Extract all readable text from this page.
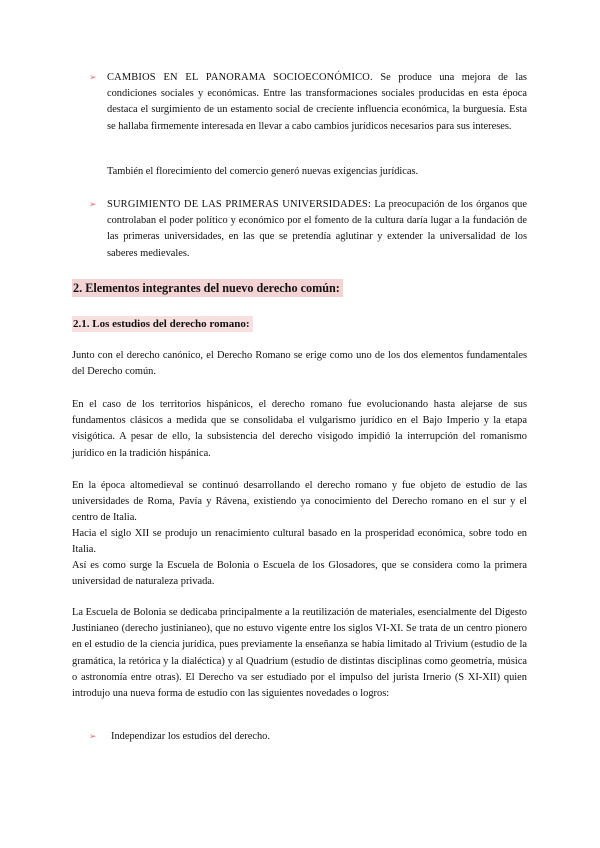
➢ CAMBIOS EN EL PANORAMA SOCIOECONÓMICO. Se produce una mejora de las condiciones sociales y económicas. Entre las transformaciones sociales producidas en esta época destaca el surgimiento de un estamento social de creciente influencia económica, la burguesía. Esta se hallaba firmemente interesada en llevar a cabo cambios jurídicos necesarios para sus intereses.

También el florecimiento del comercio generó nuevas exigencias jurídicas.

➢ SURGIMIENTO DE LAS PRIMERAS UNIVERSIDADES: La preocupación de los órganos que controlaban el poder político y económico por el fomento de la cultura daría lugar a la fundación de las primeras universidades, en las que se pretendía aglutinar y extender la universalidad de los saberes medievales.
2. Elementos integrantes del nuevo derecho común:
2.1. Los estudios del derecho romano:

Junto con el derecho canónico, el Derecho Romano se erige como uno de los dos elementos fundamentales del Derecho común.

En el caso de los territorios hispánicos, el derecho romano fue evolucionando hasta alejarse de sus fundamentos clásicos a medida que se consolidaba el vulgarismo jurídico en el Bajo Imperio y la etapa visigótica. A pesar de ello, la subsistencia del derecho visigodo impidió la interrupción del romanismo jurídico en la tradición hispánica.

En la época altomedieval se continuó desarrollando el derecho romano y fue objeto de estudio de las universidades de Roma, Pavía y Rávena, existiendo ya conocimiento del Derecho romano en el sur y el centro de Italia.

Hacia el siglo XII se produjo un renacimiento cultural basado en la prosperidad económica, sobre todo en Italia.

Así es como surge la Escuela de Bolonia o Escuela de los Glosadores, que se considera como la primera universidad de naturaleza privada.

La Escuela de Bolonia se dedicaba principalmente a la reutilización de materiales, esencialmente del Digesto Justinianeo (derecho justinianeo), que no estuvo vigente entre los siglos VI-XI. Se trata de un centro pionero en el estudio de la ciencia jurídica, pues previamente la enseñanza se había limitado al Trivium (estudio de la gramática, la retórica y la dialéctica) y al Quadrium (estudio de distintas disciplinas como geometría, música o astronomía entre otras). El Derecho va ser estudiado por el impulso del jurista Irnerio (S XI-XII) quien introdujo una nueva forma de estudio con las siguientes novedades o logros:

➢ Independizar los estudios del derecho.
